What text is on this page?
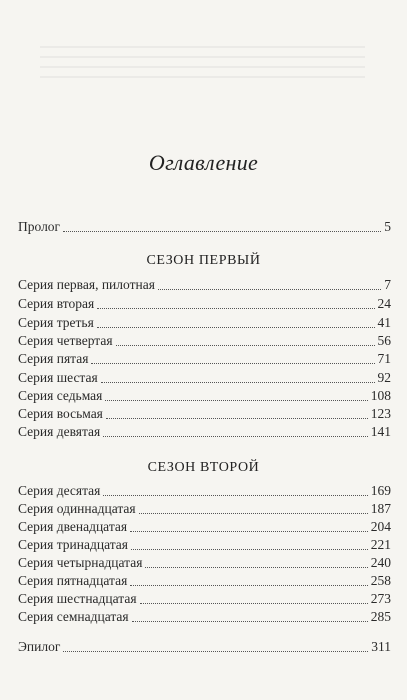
Оглавление
Пролог	5
СЕЗОН ПЕРВЫЙ
Серия первая, пилотная	7
Серия вторая	24
Серия третья	41
Серия четвертая	56
Серия пятая	71
Серия шестая	92
Серия седьмая	108
Серия восьмая	123
Серия девятая	141
СЕЗОН ВТОРОЙ
Серия десятая	169
Серия одиннадцатая	187
Серия двенадцатая	204
Серия тринадцатая	221
Серия четырнадцатая	240
Серия пятнадцатая	258
Серия шестнадцатая	273
Серия семнадцатая	285
Эпилог	311
